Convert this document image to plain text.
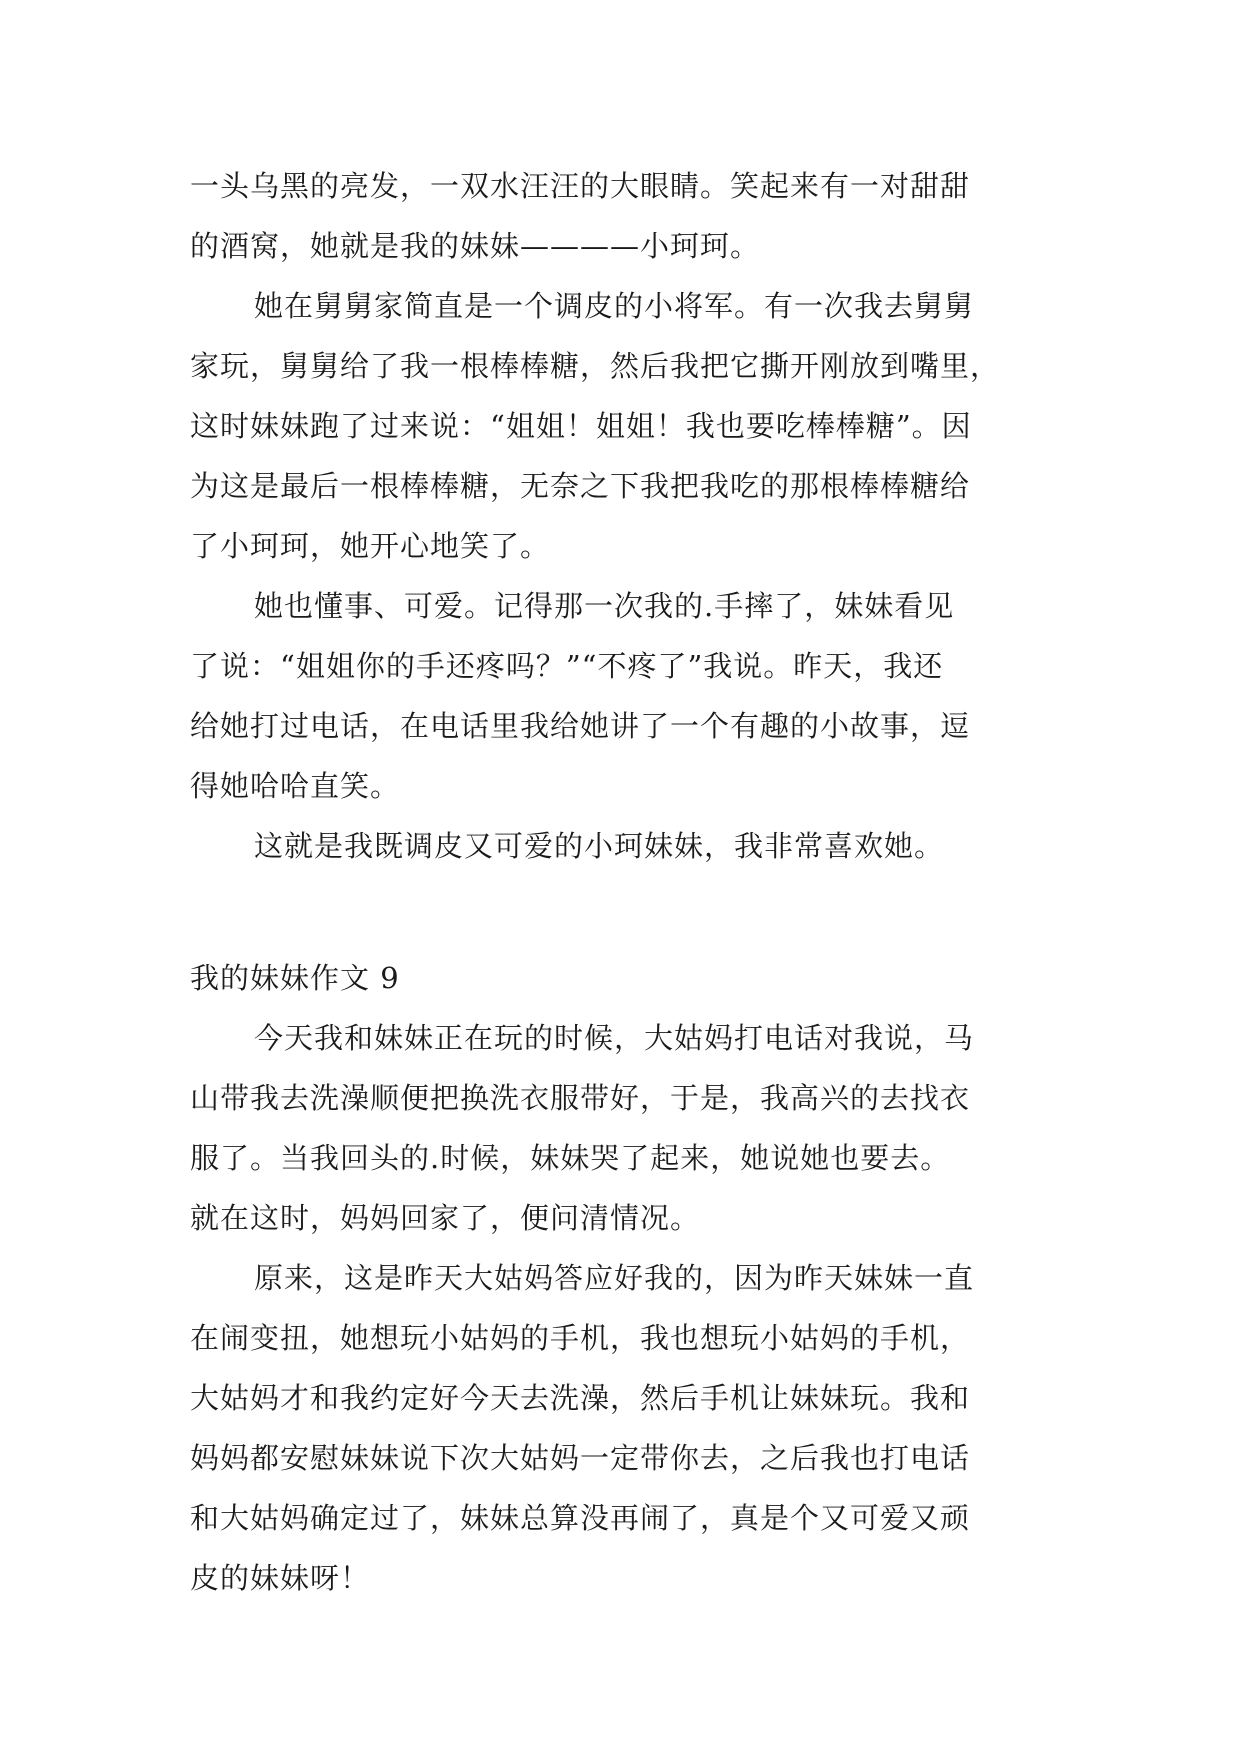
一头乌黑的亮发，一双水汪汪的大眼睛。笑起来有一对甜甜
的酒窝，她就是我的妹妹————小珂珂。
她在舅舅家简直是一个调皮的小将军。有一次我去舅舅
家玩，舅舅给了我一根棒棒糖，然后我把它撕开刚放到嘴里，
这时妹妹跑了过来说：“姐姐！姐姐！我也要吃棒棒糖”。因
为这是最后一根棒棒糖，无奈之下我把我吃的那根棒棒糖给
了小珂珂，她开心地笑了。
她也懂事、可爱。记得那一次我的.手摔了，妹妹看见
了说：“姐姐你的手还疼吗？”“不疼了”我说。昨天，我还
给她打过电话，在电话里我给她讲了一个有趣的小故事，逗
得她哈哈直笑。
这就是我既调皮又可爱的小珂妹妹，我非常喜欢她。
我的妹妹作文 9
今天我和妹妹正在玩的时候，大姑妈打电话对我说，马
山带我去洗澡顺便把换洗衣服带好，于是，我高兴的去找衣
服了。当我回头的.时候，妹妹哭了起来，她说她也要去。
就在这时，妈妈回家了，便问清情况。
原来，这是昨天大姑妈答应好我的，因为昨天妹妹一直
在闹变扭，她想玩小姑妈的手机，我也想玩小姑妈的手机，
大姑妈才和我约定好今天去洗澡，然后手机让妹妹玩。我和
妈妈都安慰妹妹说下次大姑妈一定带你去，之后我也打电话
和大姑妈确定过了，妹妹总算没再闹了，真是个又可爱又顽
皮的妹妹呀！
